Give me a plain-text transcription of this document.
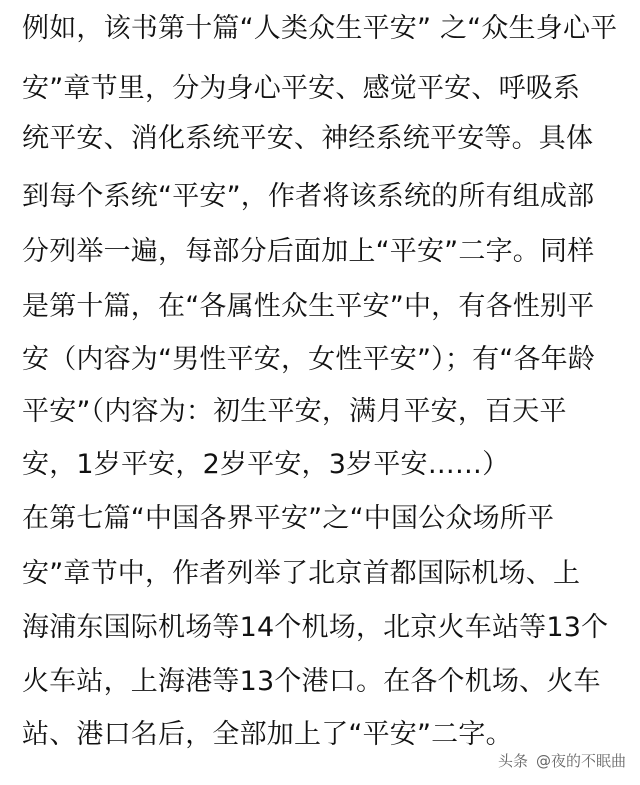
例如，该书第十篇“人类众生平安” 之“众生身心平

安”章节里，分为身心平安、感觉平安、呼吸系

统平安、消化系统平安、神经系统平安等。具体

到每个系统“平安”，作者将该系统的所有组成部

分列举一遍，每部分后面加上“平安”二字。同样

是第十篇，在“各属性众生平安”中，有各性别平

安（内容为“男性平安，女性平安”）；有“各年龄

平安”（内容为：初生平安，满月平安，百天平

安，1岁平安，2岁平安，3岁平安……）

在第七篇“中国各界平安”之“中国公众场所平

安”章节中，作者列举了北京首都国际机场、上

海浦东国际机场等14个机场，北京火车站等13个

火车站，上海港等13个港口。在各个机场、火车

站、港口名后，全部加上了“平安”二字。

头条 @夜的不眠曲
